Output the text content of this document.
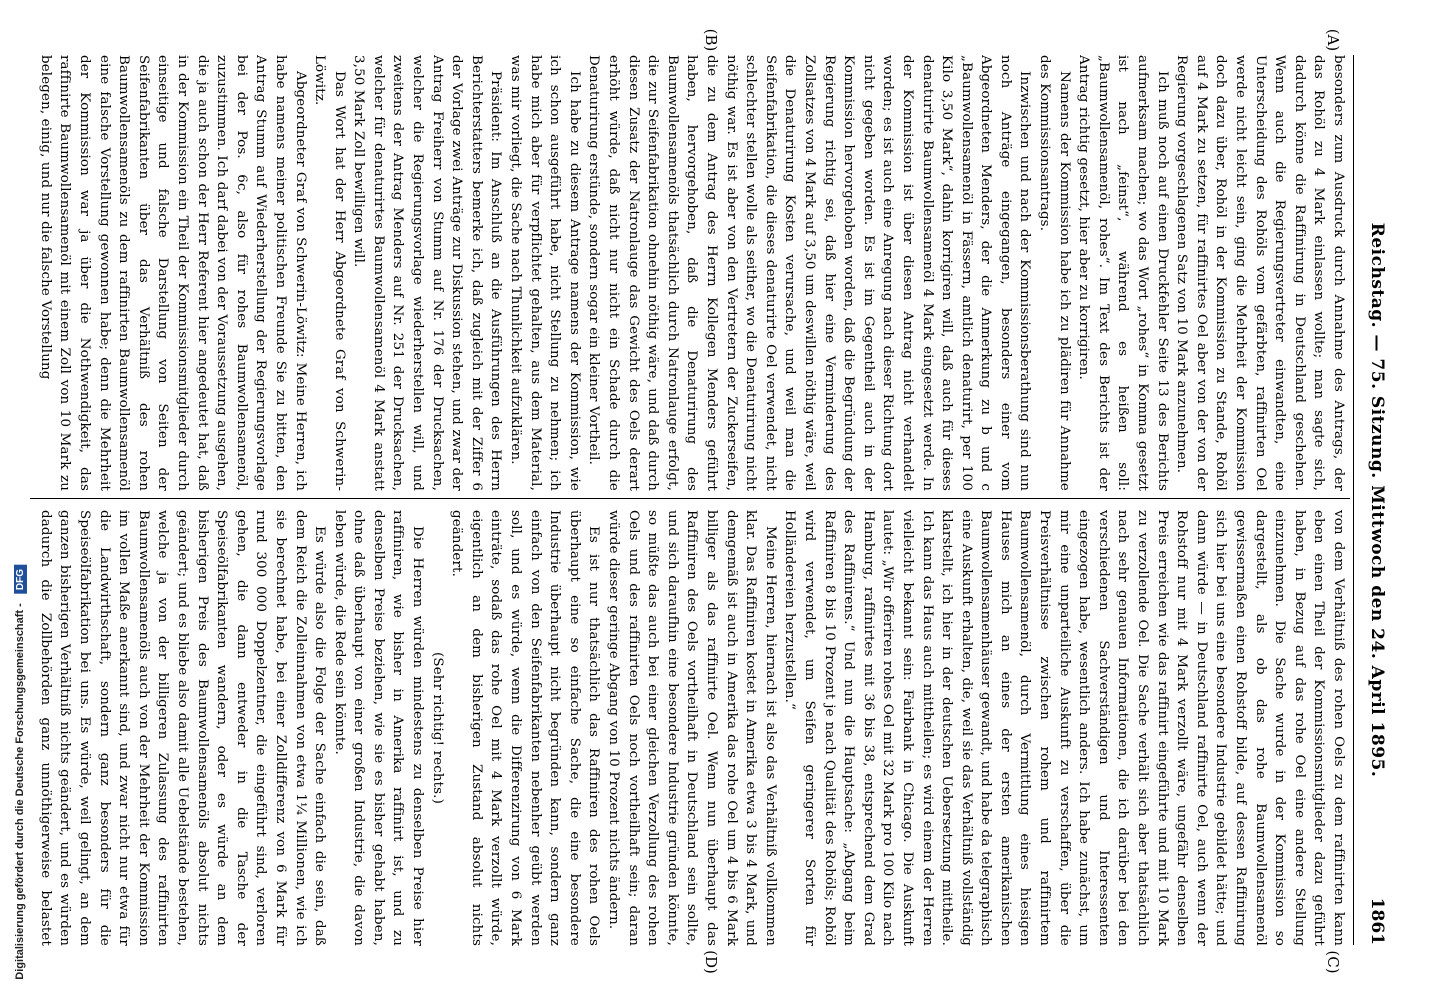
Reichstag. — 75. Sitzung. Mittwoch den 24. April 1895.
1861
(A)
(B)
(C)
(D)

besonders zum Ausdruck durch Annahme des Antrags, der das Rohöl zu 4 Mark einlassen wollte; man sagte sich, dadurch könne die Raffinirung in Deutschland geschehen. Wenn auch die Regierungsvertreter einwandten, eine Unterscheidung des Rohöls vom gefärbten, raffinirten Oel werde nicht leicht sein, ging die Mehrheit der Kommission doch dazu über, Rohöl in der Kommission zu Stande, Rohöl auf 4 Mark zu setzen, für raffinirtes Oel aber von der von der Regierung vorgeschlagenen Satz von 10 Mark anzunehmen.

Ich muß noch auf einen Druckfehler Seite 13 des Berichts aufmerksam machen; wo das Wort „rohes“ in Komma gesetzt ist nach „feinst“, während es heißen soll: „Baumwollensamenöl, rohes“. Im Text des Berichts ist der Antrag richtig gesetzt, hier aber zu korrigiren.

Namens der Kommission habe ich zu plädiren für Annahme des Kommissionsantrags.

Inzwischen und nach der Kommissionsberathung sind nun noch Anträge eingegangen, besonders einer vom Abgeordneten Menders, der die Anmerkung zu b und c „Baumwollensamenöl in Fässern, amtlich denaturirt, per 100 Kilo 3,50 Mark“, dahin korrigiren will, daß auch für dieses denaturirte Baumwollensamenöl 4 Mark eingesetzt werde. In der Kommission ist über diesen Antrag nicht verhandelt worden; es ist auch eine Anregung nach dieser Richtung dort nicht gegeben worden. Es ist im Gegentheil auch in der Kommission hervorgehoben worden, daß die Begründung der Regierung richtig sei, daß hier eine Verminderung des Zollsatzes von 4 Mark auf 3,50 um deswillen nöthig wäre, weil die Denaturirung Kosten verursache, und weil man die Seifenfabrikation, die dieses denaturirte Oel verwendet, nicht schlechter stellen wolle als seither, wo die Denaturirung nicht nöthig war. Es ist aber von den Vertretern der Zuckerseifen, die zu dem Antrag des Herrn Kollegen Menders geführt haben, hervorgehoben, daß die Denaturirung des Baumwollensamenöls thatsächlich durch Natronlauge erfolgt, die zur Seifenfabrikation ohnehin nöthig wäre, und daß durch diesen Zusatz der Natronlauge das Gewicht des Oels derart erhöht würde, daß nicht nur nicht ein Schade durch die Denaturirung erstünde, sondern sogar ein kleiner Vortheil.

Ich habe zu diesem Antrage namens der Kommission, wie ich schon ausgeführt habe, nicht Stellung zu nehmen; ich habe mich aber für verpflichtet gehalten, aus dem Material, was mir vorliegt, die Sache nach Thunlichkeit aufzuklären.

Präsident: Im Anschluß an die Ausführungen des Herrn Berichterstatters bemerke ich, daß zugleich mit der Ziffer 6 der Vorlage zwei Anträge zur Diskussion stehen, und zwar der Antrag Freiherr von Stumm auf Nr. 176 der Drucksachen, welcher die Regierungsvorlage wiederherstellen will, und zweitens der Antrag Menders auf Nr. 251 der Drucksachen, welcher für denaturirtes Baumwollensamenöl 4 Mark anstatt 3,50 Mark Zoll bewilligen will.

Das Wort hat der Herr Abgeordnete Graf von Schwerin-Löwitz.

Abgeordneter Graf von Schwerin-Löwitz: Meine Herren, ich habe namens meiner politischen Freunde Sie zu bitten, den Antrag Stumm auf Wiederherstellung der Regierungsvorlage bei der Pos. 6c, also für rohes Baumwollensamenöl, zuzustimmen. Ich darf dabei von der Voraussetzung ausgehen, die ja auch schon der Herr Referent hier angedeutet hat, daß in der Kommission ein Theil der Kommissionsmitglieder durch einseitige und falsche Darstellung von Seiten der Seifenfabrikanten über das Verhältniß des rohen Baumwollensamenöls zu dem raffinirten Baumwollensamenöl eine falsche Vorstellung gewonnen habe; denn die Mehrheit der Kommission war ja über die Nothwendigkeit, das raffinirte Baumwollensamenöl mit einem Zoll von 10 Mark zu belegen, einig, und nur die falsche Vorstellung

von dem Verhältniß des rohen Oels zu dem raffinirten kann eben einen Theil der Kommissionsmitglieder dazu geführt haben, in Bezug auf das rohe Oel eine andere Stellung einzunehmen. Die Sache wurde in der Kommission so dargestellt, als ob das rohe Baumwollensamenöl gewissermaßen einen Rohstoff bilde, auf dessen Raffinirung sich hier bei uns eine besondere Industrie gebildet hätte; und dann würde — in Deutschland raffinirte Oel, auch wenn der Rohstoff nur mit 4 Mark verzollt wäre, ungefähr denselben Preis erreichen wie das raffinirt eingeführte und mit 10 Mark zu verzollende Oel. Die Sache verhält sich aber thatsächlich nach sehr genauen Informationen, die ich darüber bei den verschiedenen Sachverständigen und Interessenten eingezogen habe, wesentlich anders. Ich habe zunächst, um mir eine unparteiliche Auskunft zu verschaffen, über die Preisverhältnisse zwischen rohem und raffinirtem Baumwollensamenöl, durch Vermittlung eines hiesigen Hauses mich an eines der ersten amerikanischen Baumwollensamenhäuser gewandt, und habe da telegraphisch eine Auskunft erhalten, die, weil sie das Verhältniß vollständig klarstellt, ich hier in der deutschen Uebersetzung mittheile. Ich kann das Haus auch mittheilen; es wird einem der Herren vielleicht bekannt sein: Fairbank in Chicago. Die Auskunft lautet: „Wir offeriren rohes Oel mit 32 Mark pro 100 Kilo nach Hamburg, raffinirtes mit 36 bis 38, entsprechend dem Grad des Raffinirens.“ Und nun die Hauptsache: „Abgang beim Raffiniren 8 bis 10 Prozent je nach Qualität des Rohöls; Rohöl wird verwendet, um Seifen geringerer Sorten für Holländereien herzustellen.“

Meine Herren, hiernach ist also das Verhältniß vollkommen klar. Das Raffiniren kostet in Amerika etwa 3 bis 4 Mark, und demgemäß ist auch in Amerika das rohe Oel um 4 bis 6 Mark billiger als das raffinirte Oel. Wenn nun überhaupt das Raffiniren des Oels vortheilhaft in Deutschland sein sollte, und sich daraufhin eine besondere Industrie gründen könnte, so müßte das auch bei einer gleichen Verzollung des rohen Oels und des raffinirten Oels noch vortheilhaft sein; daran würde dieser geringe Abgang von 10 Prozent nichts ändern.

Es ist nur thatsächlich das Raffiniren des rohen Oels überhaupt eine so einfache Sache, die eine besondere Industrie überhaupt nicht begründen kann, sondern ganz einfach von den Seifenfabrikanten nebenher geübt werden soll, und es würde, wenn die Differenzirung von 6 Mark einträte, sodaß das rohe Oel mit 4 Mark verzollt würde, eigentlich an dem bisherigen Zustand absolut nichts geändert.

(Sehr richtig! rechts.)

Die Herren würden mindestens zu denselben Preise hier raffiniren, wie bisher in Amerika raffinirt ist, und zu denselben Preise beziehen, wie sie es bisher gehabt haben, ohne daß überhaupt von einer großen Industrie, die davon leben würde, die Rede sein könnte.

Es würde also die Folge der Sache einfach die sein, daß dem Reich die Zolleinnahmen von etwa 1¼ Millionen, wie ich sie berechnet habe, bei einer Zolldifferenz von 6 Mark für rund 300 000 Doppelzentner, die eingeführt sind, verloren gehen, die dann entweder in die Tasche der Speiseölfabrikanten wandern, oder es würde an dem bisherigen Preis des Baumwollensamenöls absolut nichts geändert; und es bliebe also damit alle Uebelstände bestehen, welche ja von der billigeren Zulassung des raffinirten Baumwollensamenöls auch von der Mehrheit der Kommission im vollen Maße anerkannt sind, und zwar nicht nur etwa für die Landwirthschaft, sondern ganz besonders für die Speiseölfabrikation bei uns. Es würde, weil gelingt, an dem ganzen bisherigen Verhältniß nichts geändert, und es würden dadurch die Zollbehörden ganz unnöthigerweise belastet

Digitalisierung gefördert durch die Deutsche Forschungsgemeinschaft - DFG
